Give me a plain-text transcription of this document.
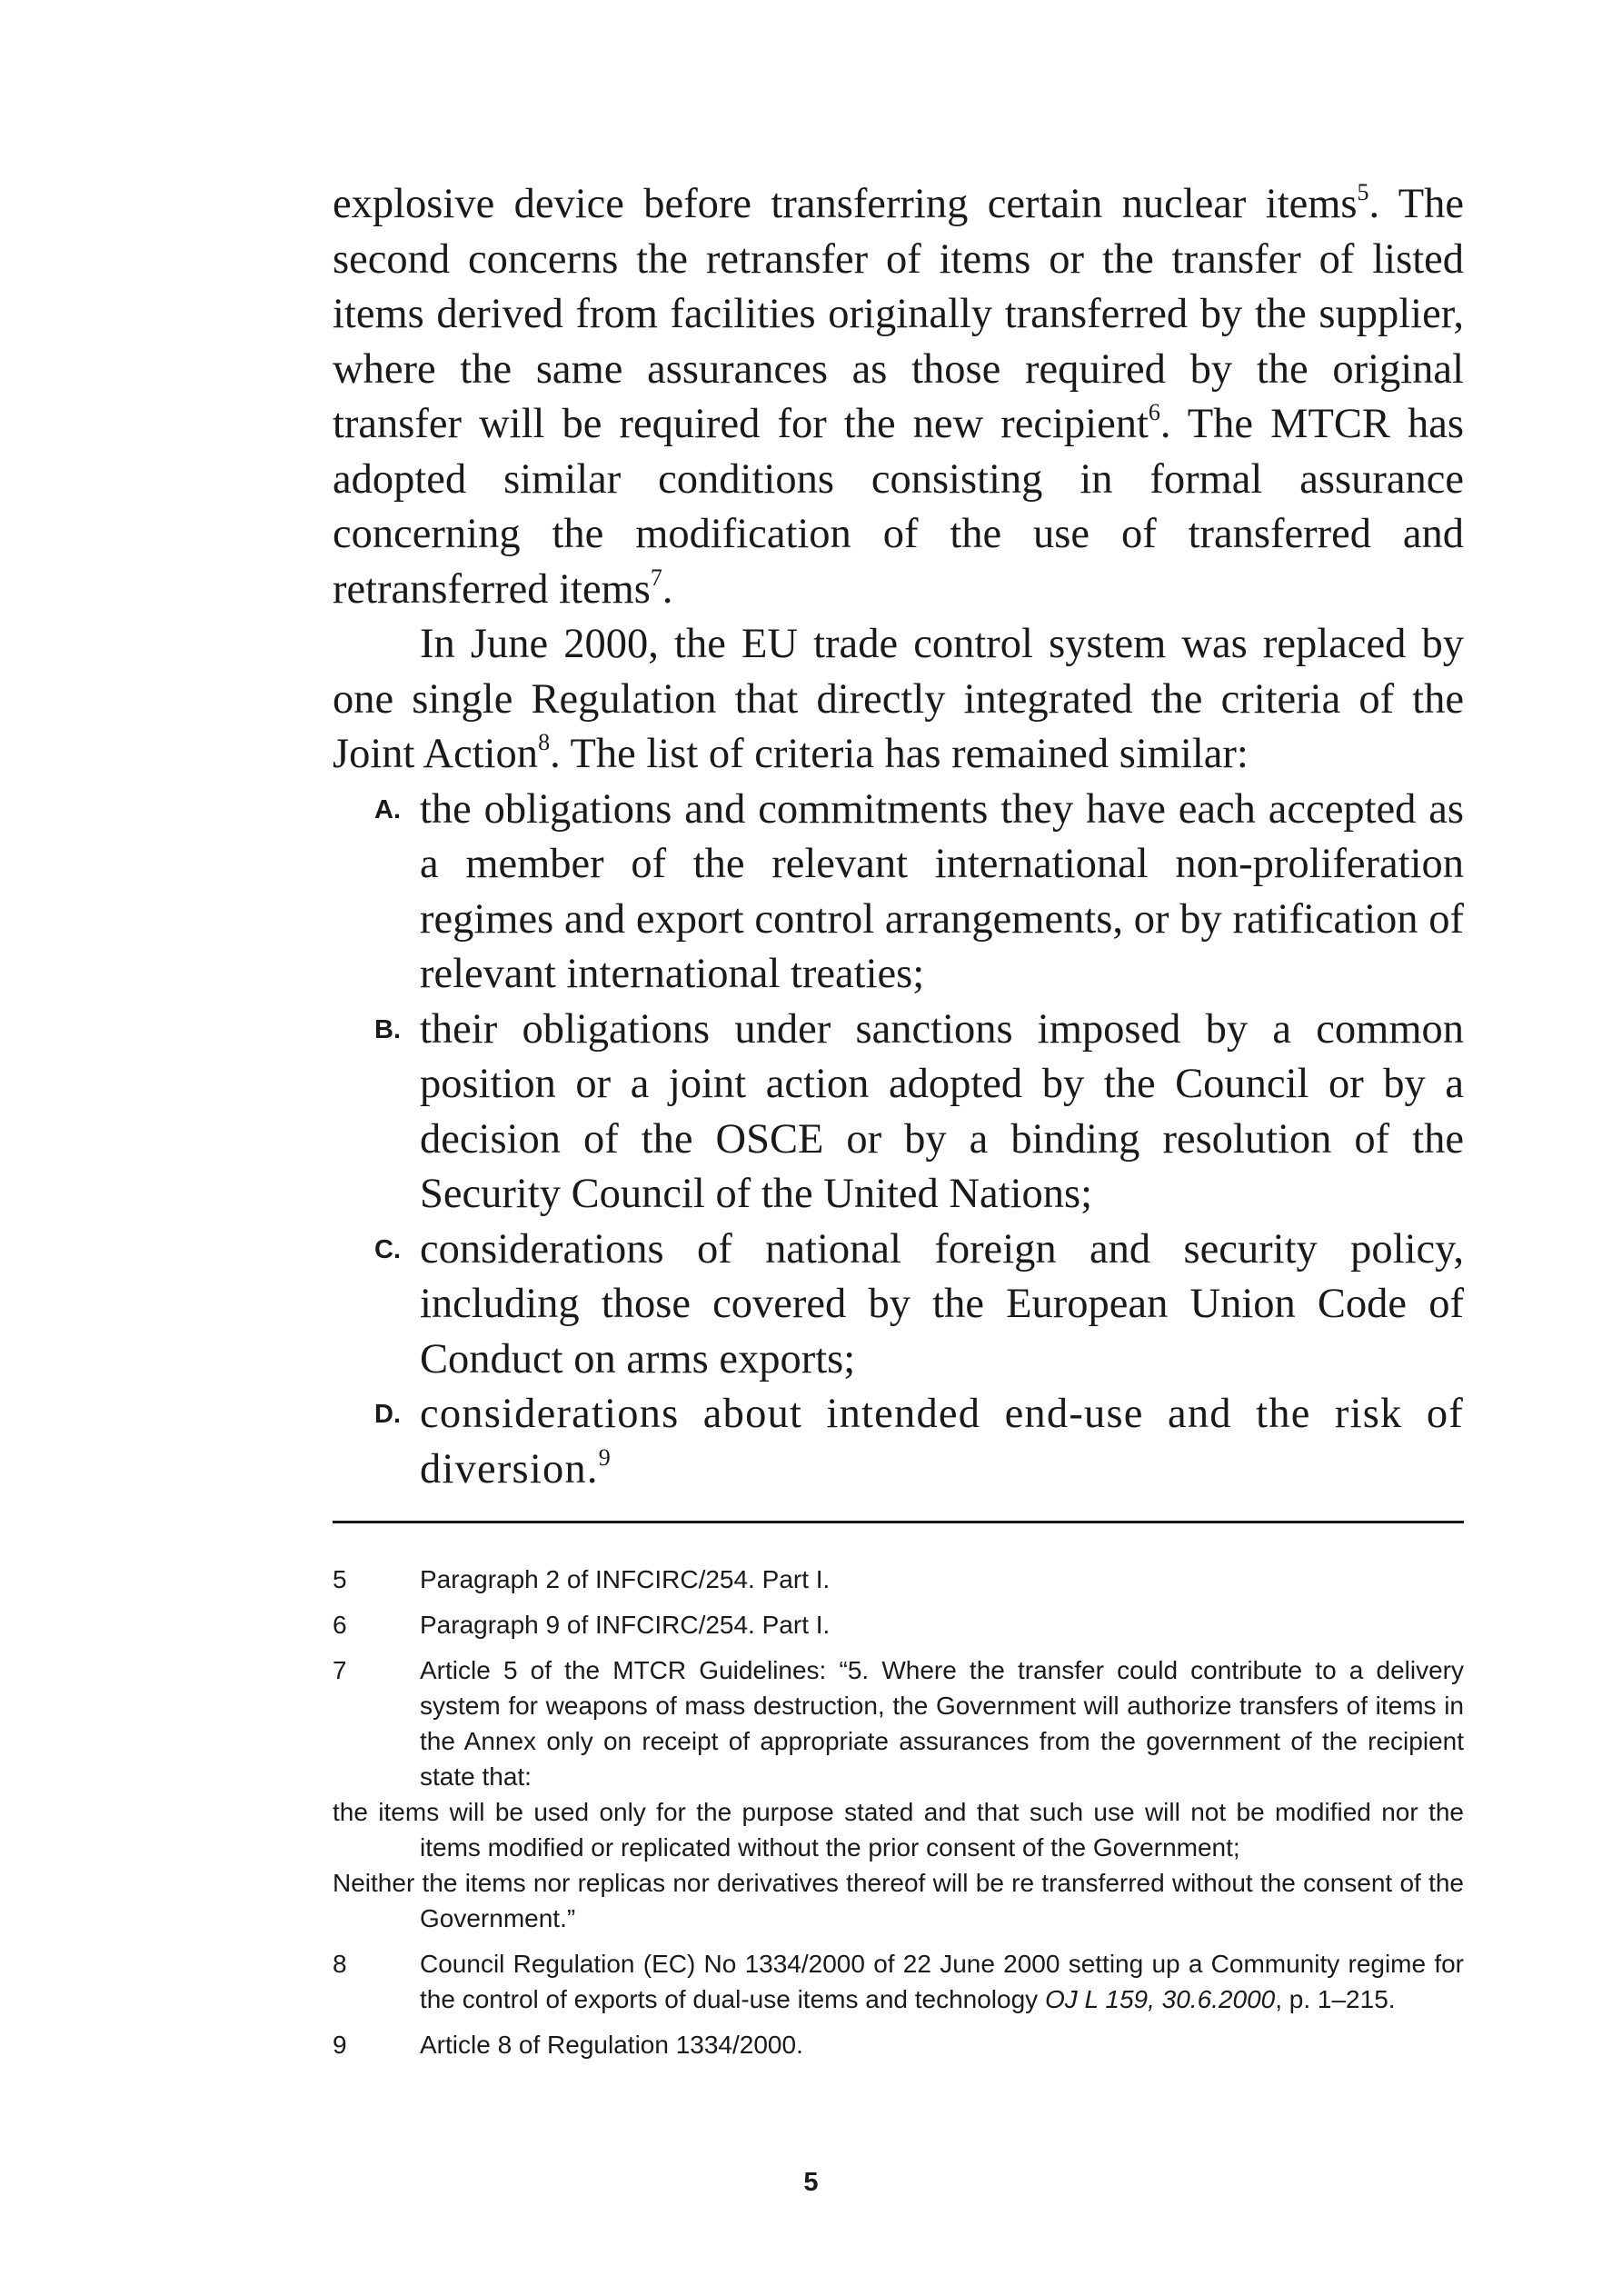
explosive device before transferring certain nuclear items$^5$. The second concerns the retransfer of items or the transfer of listed items derived from facilities originally transferred by the supplier, where the same assurances as those required by the original transfer will be required for the new recipient$^6$. The MTCR has adopted similar conditions consisting in formal assurance concerning the modification of the use of transferred and retransferred items$^7$.

In June 2000, the EU trade control system was replaced by one single Regulation that directly integrated the criteria of the Joint Action$^8$. The list of criteria has remained similar:

A. the obligations and commitments they have each accepted as a member of the relevant international non-proliferation regimes and export control arrangements, or by ratification of relevant international treaties;
B. their obligations under sanctions imposed by a common position or a joint action adopted by the Council or by a decision of the OSCE or by a binding resolution of the Security Council of the United Nations;
C. considerations of national foreign and security policy, including those covered by the European Union Code of Conduct on arms exports;
D. considerations about intended end-use and the risk of diversion.$^9$
5	Paragraph 2 of INFCIRC/254. Part I.
6	Paragraph 9 of INFCIRC/254. Part I.
7	Article 5 of the MTCR Guidelines: “5. Where the transfer could contribute to a delivery system for weapons of mass destruction, the Government will authorize transfers of items in the Annex only on receipt of appropriate assurances from the government of the recipient state that:
the items will be used only for the purpose stated and that such use will not be modified nor the items modified or replicated without the prior consent of the Government;
Neither the items nor replicas nor derivatives thereof will be re transferred without the consent of the Government.”
8	Council Regulation (EC) No 1334/2000 of 22 June 2000 setting up a Community regime for the control of exports of dual-use items and technology OJ L 159, 30.6.2000, p. 1–215.
9	Article 8 of Regulation 1334/2000.
5
